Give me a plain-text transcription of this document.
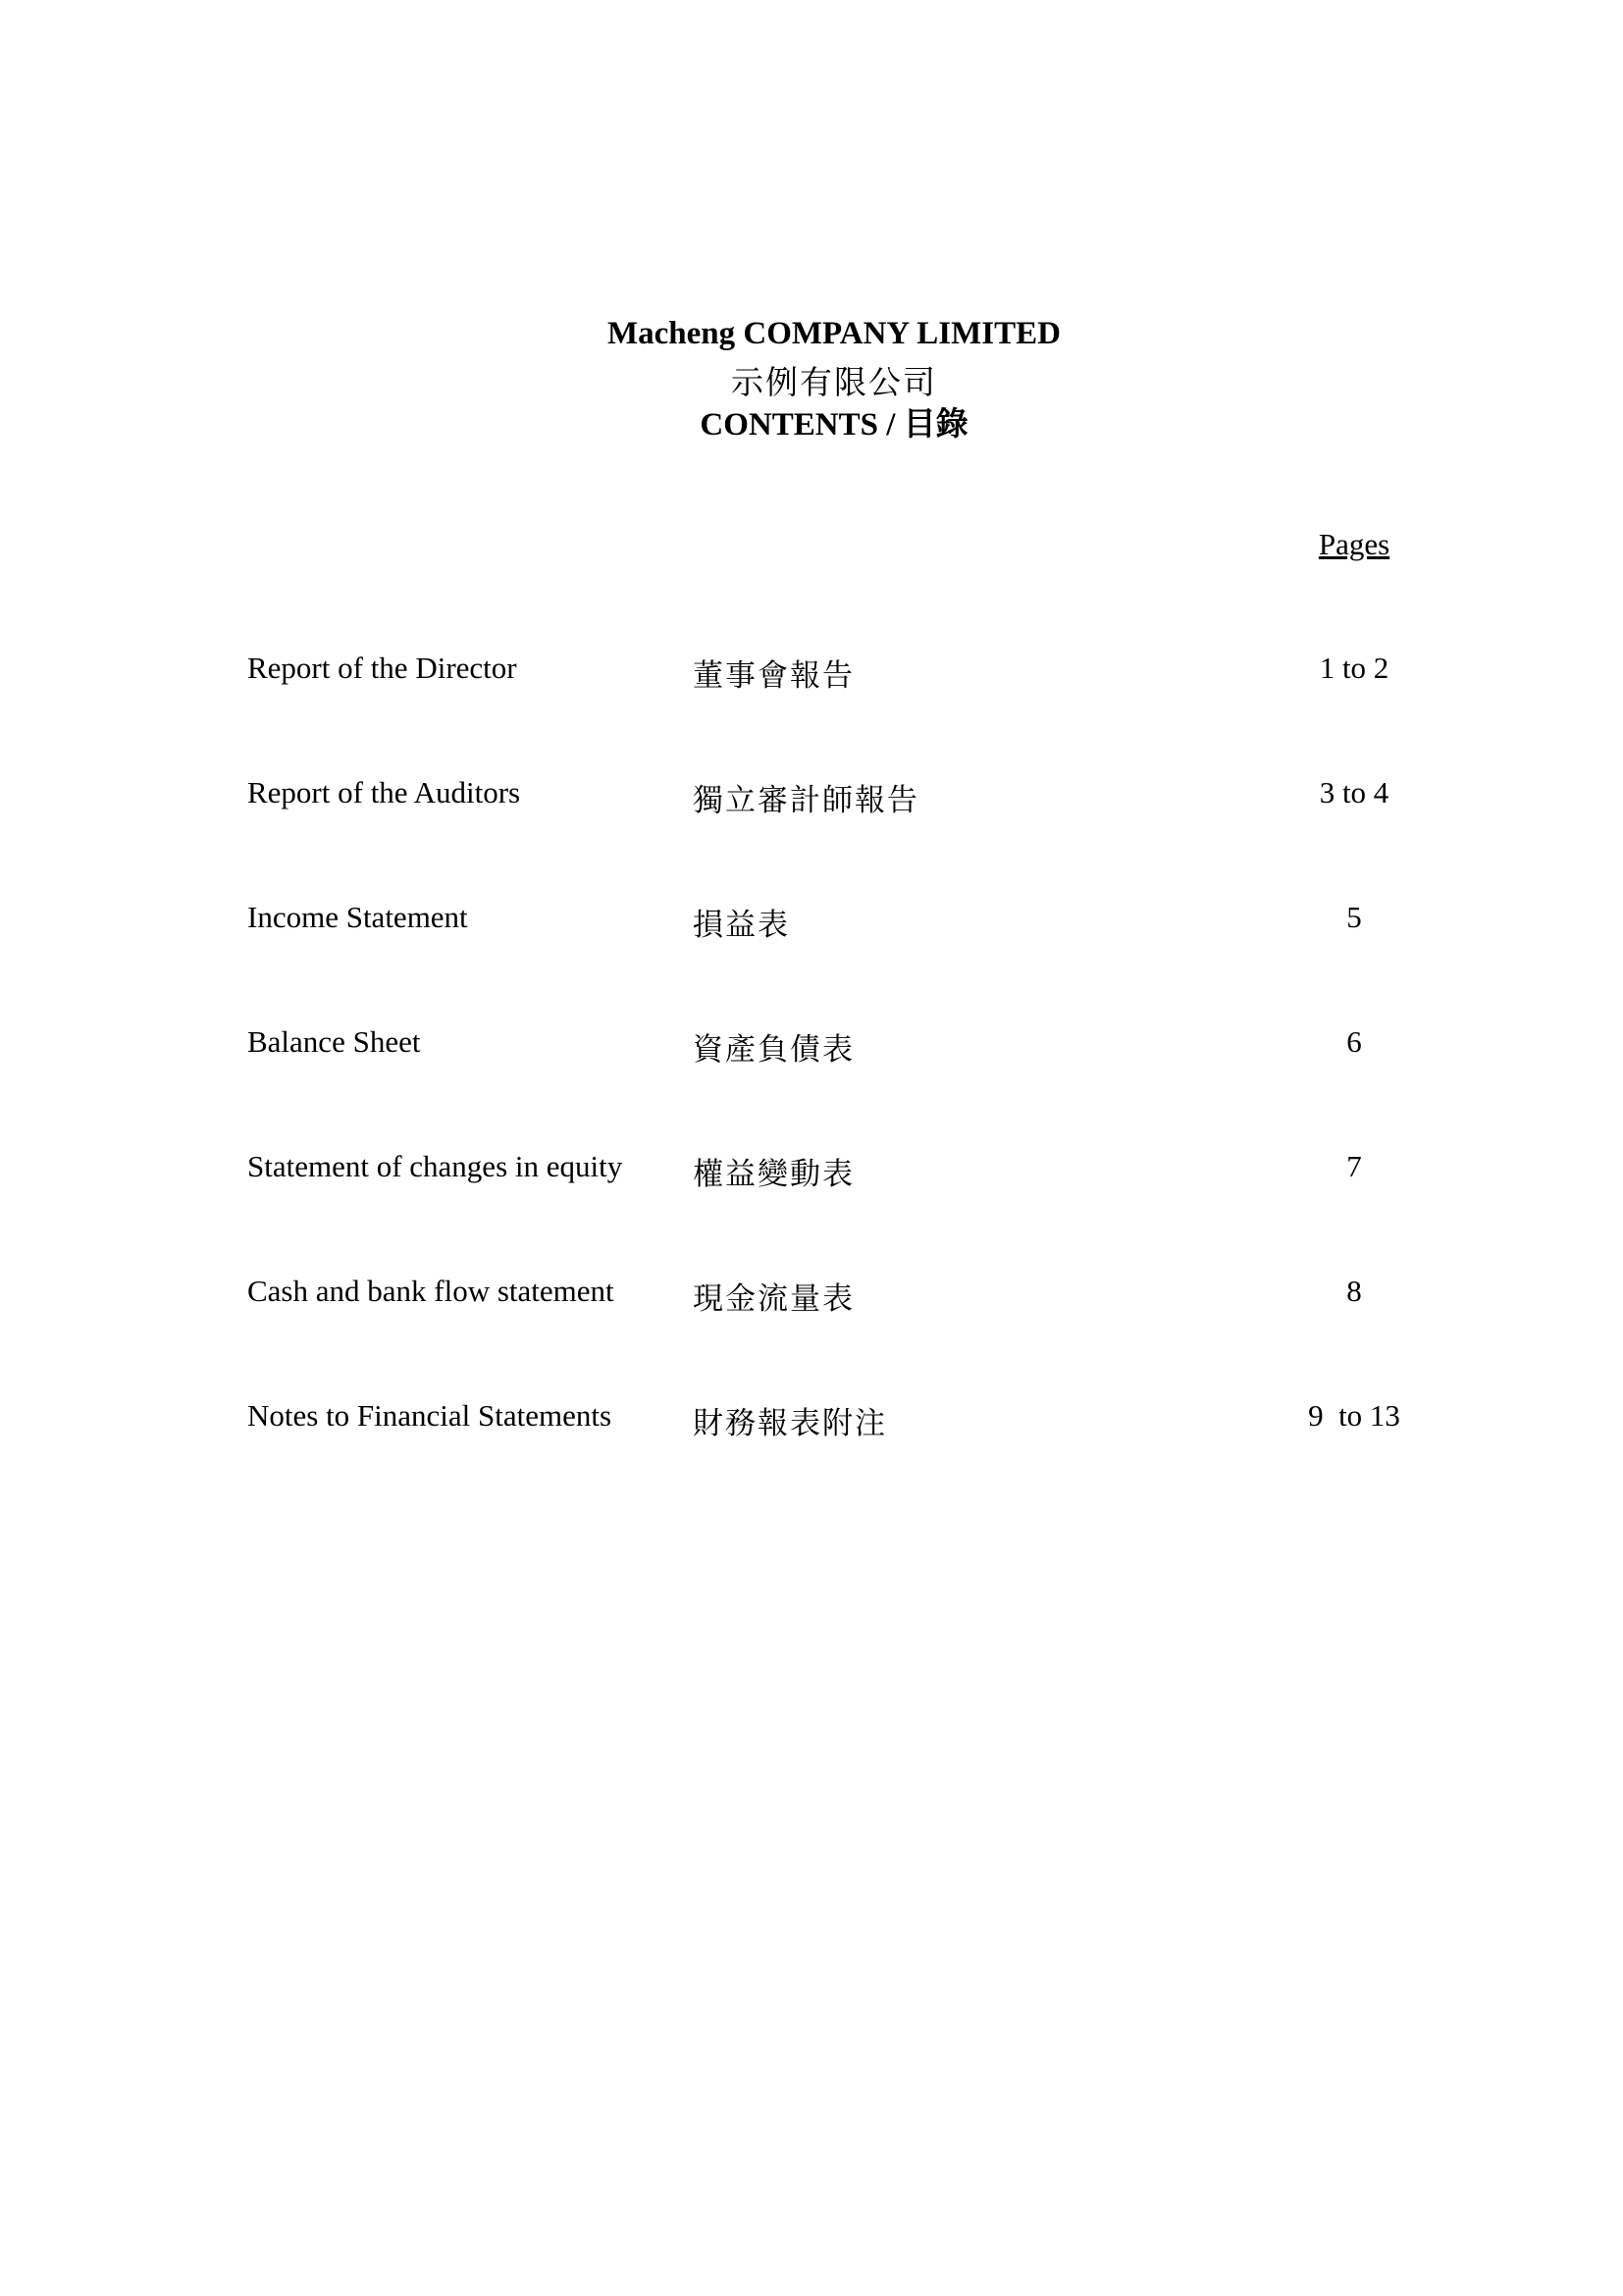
Macheng COMPANY LIMITED
示例有限公司
CONTENTS / 目錄
Pages
Report of the Director	董事會報告	1 to 2
Report of the Auditors	獨立審計師報告	3 to 4
Income Statement	損益表	5
Balance Sheet	資產負債表	6
Statement of changes in equity 權益變動表	7
Cash and bank flow statement	現金流量表	8
Notes to Financial Statements	財務報表附注	9  to 13
